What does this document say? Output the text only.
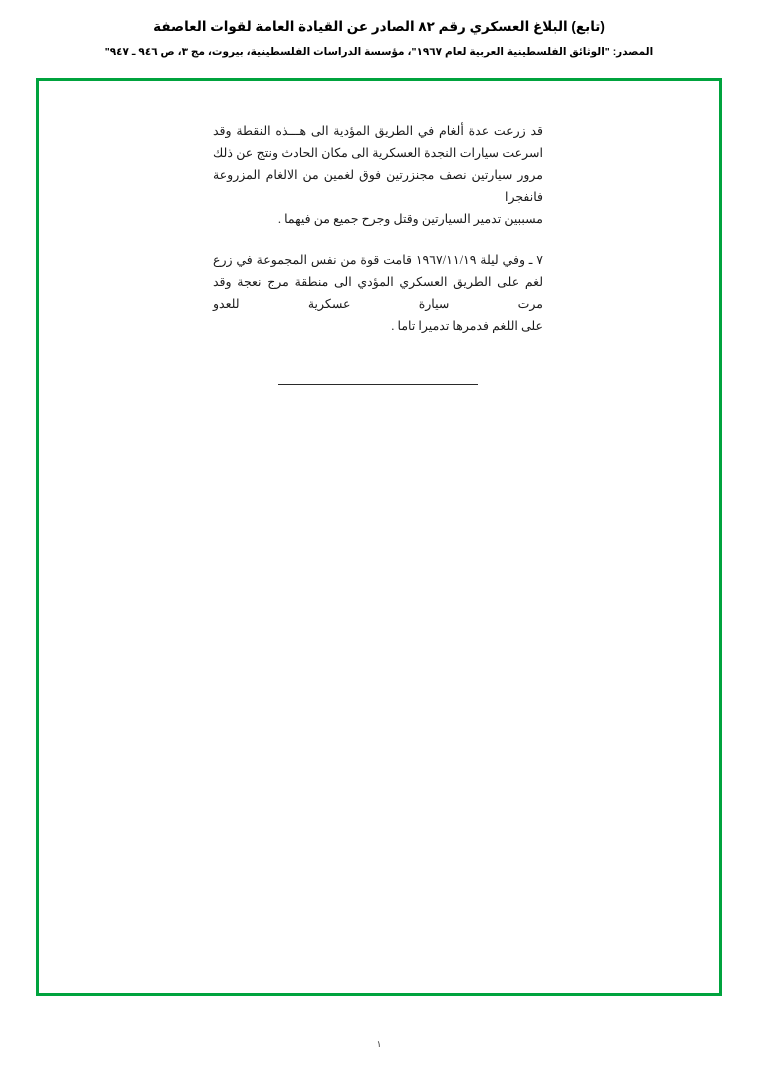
(تابع) البلاغ العسكري رقم ٨٢ الصادر عن القيادة العامة لقوات العاصفة
المصدر: "الوثائق الفلسطينية العربية لعام ١٩٦٧"، مؤسسة الدراسات الفلسطينية، بيروت، مج ٣، ص ٩٤٦ ـ ٩٤٧"
قد زرعت عدة ألغام في الطريق المؤدية الى هـــذه النقطة وقد اسرعت سيارات النجدة العسكرية الى مكان الحادث ونتج عن ذلك مرور سيارتين نصف مجنزرتين فوق لغمين من الالغام المزروعة فانفجرا
مسببين تدمير السيارتين وقتل وجرح جميع من فيهما .
٧ ـ وفي ليلة ١٩٦٧/١١/١٩ قامت قوة من نفس المجموعة في زرع لغم على الطريق العسكري المؤدي الى منطقة مرج نعجة وقد مرت سيارة عسكرية للعدو
على اللغم فدمرها تدميرا تاما .
١
